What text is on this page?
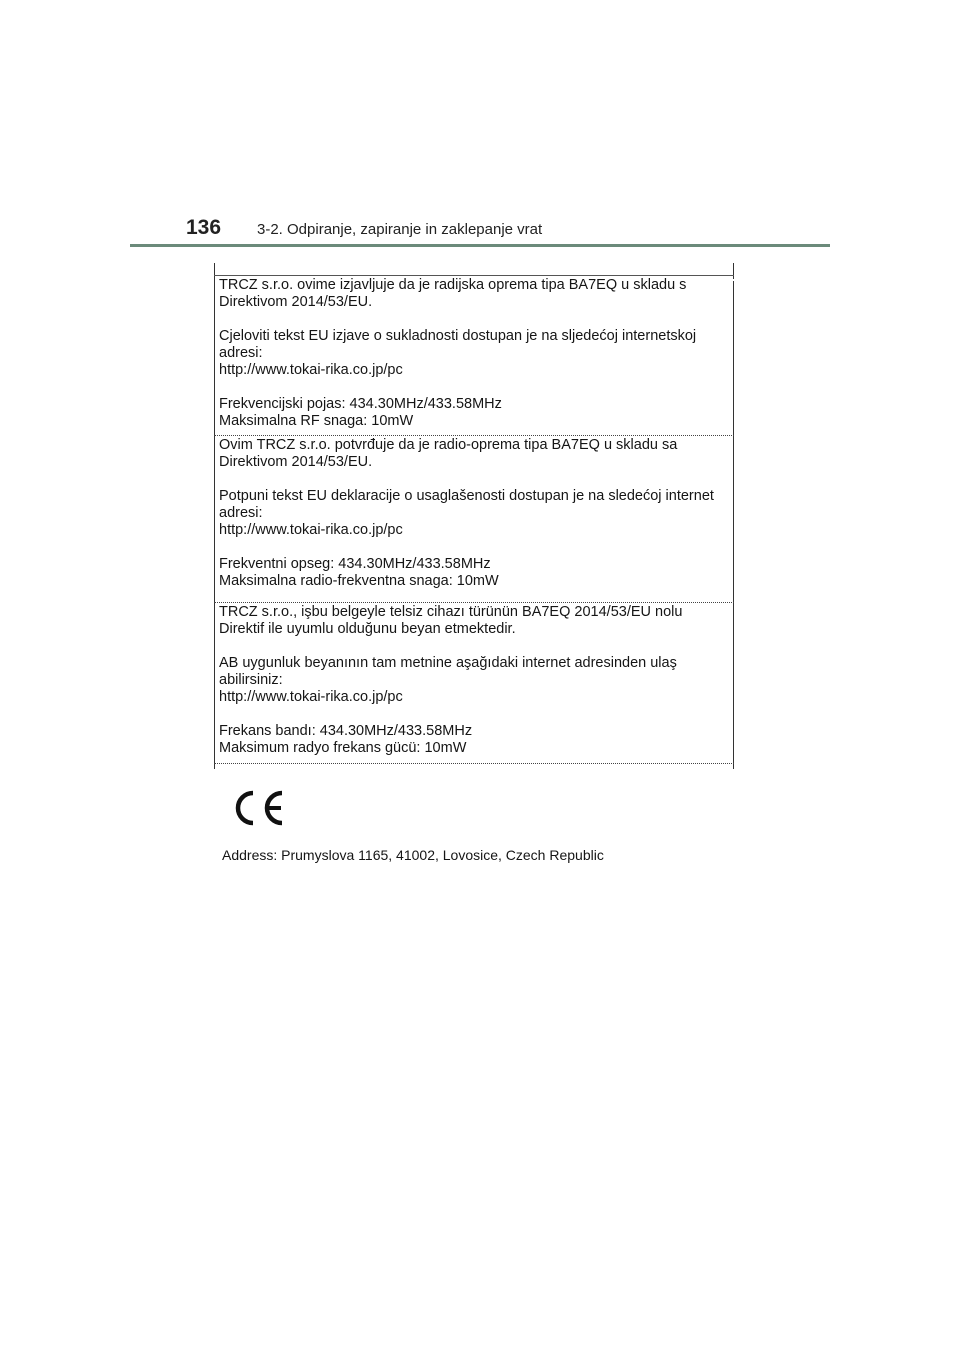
136 3-2. Odpiranje, zapiranje in zaklepanje vrat

TRCZ s.r.o. ovime izjavljuje da je radijska oprema tipa BA7EQ u skladu s

Direktivom 2014/53/EU.

Cjeloviti tekst EU izjave o sukladnosti dostupan je na sljedećoj internetskoj

adresi:

http://www.tokai-rika.co.jp/pc

Frekvencijski pojas: 434.30MHz/433.58MHz

Maksimalna RF snaga: 10mW

Ovim TRCZ s.r.o. potvrđuje da je radio-oprema tipa BA7EQ u skladu sa

Direktivom 2014/53/EU.

Potpuni tekst EU deklaracije o usaglašenosti dostupan je na sledećoj internet

adresi:

http://www.tokai-rika.co.jp/pc

Frekventni opseg: 434.30MHz/433.58MHz

Maksimalna radio-frekventna snaga: 10mW

TRCZ s.r.o., işbu belgeyle telsiz cihazı türünün BA7EQ 2014/53/EU nolu

Direktif ile uyumlu olduğunu beyan etmektedir.

AB uygunluk beyanının tam metnine aşağıdaki internet adresinden ulaş

abilirsiniz:

http://www.tokai-rika.co.jp/pc

Frekans bandı: 434.30MHz/433.58MHz

Maksimum radyo frekans gücü: 10mW

Address: Prumyslova 1165, 41002, Lovosice, Czech Republic
